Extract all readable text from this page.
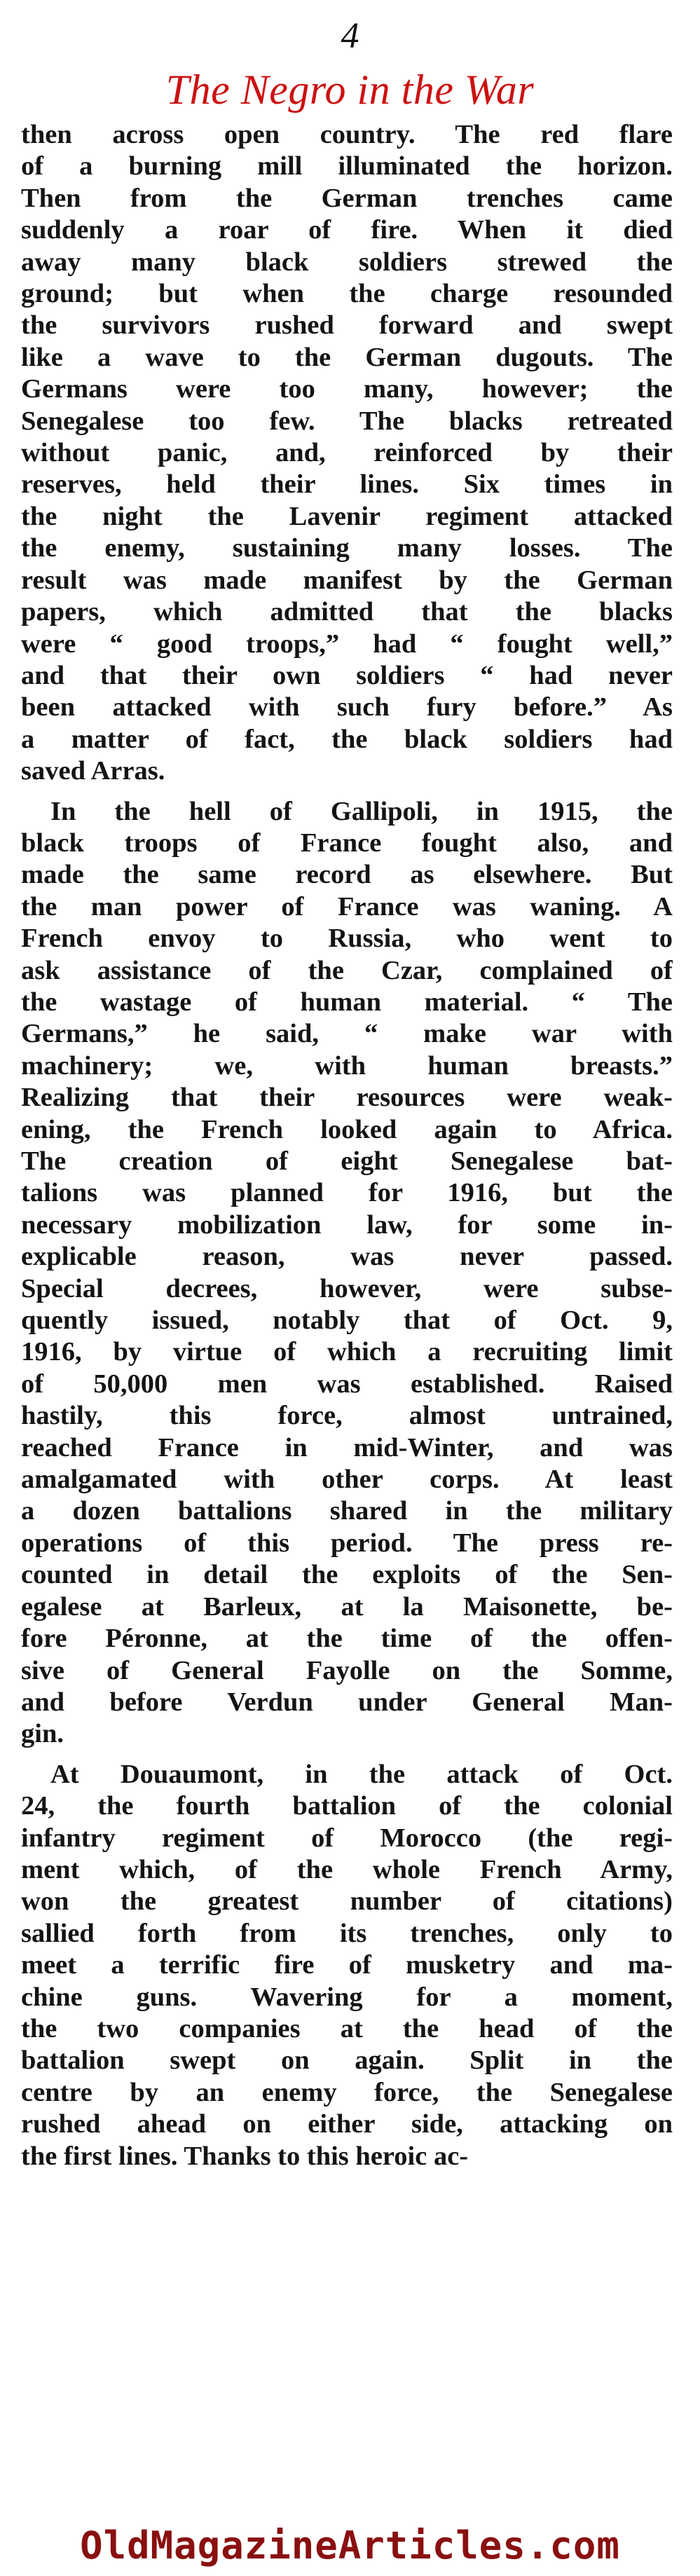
4
The Negro in the War
then across open country. The red flare
of a burning mill illuminated the horizon.
Then from the German trenches came
suddenly a roar of fire. When it died
away many black soldiers strewed the
ground; but when the charge resounded
the survivors rushed forward and swept
like a wave to the German dugouts. The
Germans were too many, however; the
Senegalese too few. The blacks retreated
without panic, and, reinforced by their
reserves, held their lines. Six times in
the night the Lavenir regiment attacked
the enemy, sustaining many losses. The
result was made manifest by the German
papers, which admitted that the blacks
were “ good troops,” had “ fought well,”
and that their own soldiers “ had never
been attacked with such fury before.” As
a matter of fact, the black soldiers had
saved Arras.
In the hell of Gallipoli, in 1915, the
black troops of France fought also, and
made the same record as elsewhere. But
the man power of France was waning. A
French envoy to Russia, who went to
ask assistance of the Czar, complained of
the wastage of human material. “ The
Germans,” he said, “ make war with
machinery; we, with human breasts.”
Realizing that their resources were weak-
ening, the French looked again to Africa.
The creation of eight Senegalese bat-
talions was planned for 1916, but the
necessary mobilization law, for some in-
explicable reason, was never passed.
Special decrees, however, were subse-
quently issued, notably that of Oct. 9,
1916, by virtue of which a recruiting limit
of 50,000 men was established. Raised
hastily, this force, almost untrained,
reached France in mid-Winter, and was
amalgamated with other corps. At least
a dozen battalions shared in the military
operations of this period. The press re-
counted in detail the exploits of the Sen-
egalese at Barleux, at la Maisonette, be-
fore Péronne, at the time of the offen-
sive of General Fayolle on the Somme,
and before Verdun under General Man-
gin.
At Douaumont, in the attack of Oct.
24, the fourth battalion of the colonial
infantry regiment of Morocco (the regi-
ment which, of the whole French Army,
won the greatest number of citations)
sallied forth from its trenches, only to
meet a terrific fire of musketry and ma-
chine guns. Wavering for a moment,
the two companies at the head of the
battalion swept on again. Split in the
centre by an enemy force, the Senegalese
rushed ahead on either side, attacking on
the first lines. Thanks to this heroic ac-
OldMagazineArticles.com
